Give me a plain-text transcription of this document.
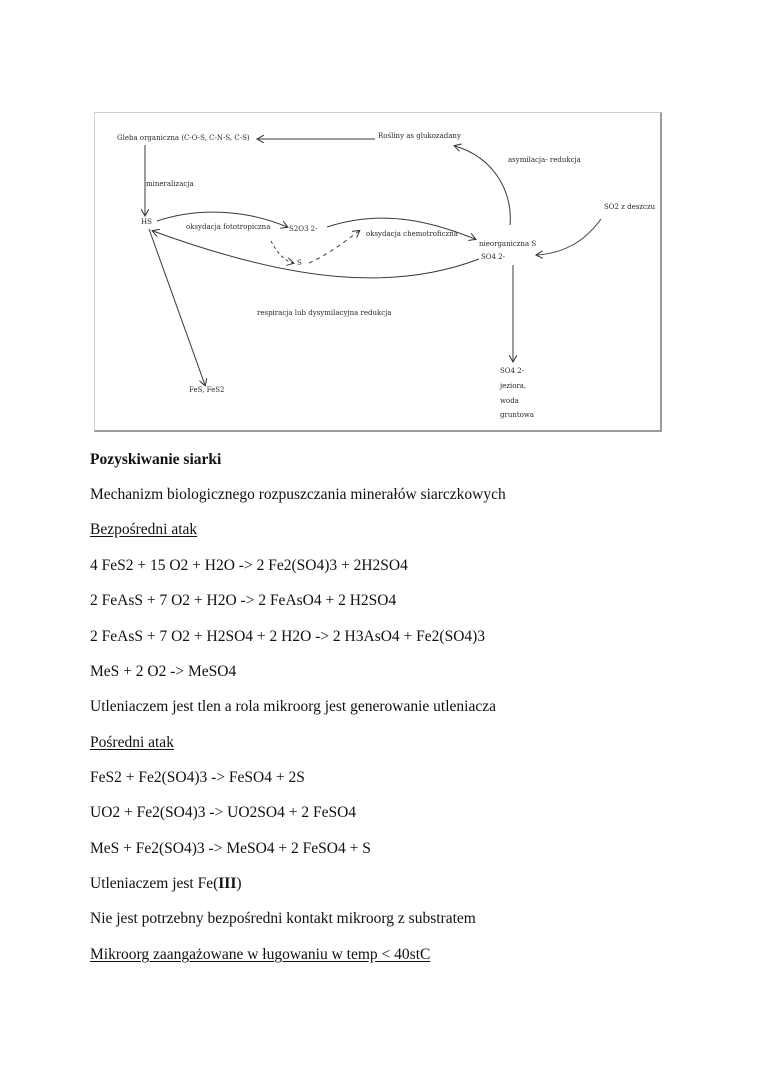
Gleba organiczna (C-O-S, C-N-S, C-S)	Rośliny as glukozadany
asymilacja- redukcja
mineralizacja
HS
oksydacja fototropiczna	S2O3 2-
oksydacja chemotroficzna
S
nieorganiczna S
SO4 2-
SO2 z deszczu
respiracja lub dysymilacyjna redukcja
FeS, FeS2
SO4 2-
jeziora,
woda
gruntowa
Pozyskiwanie siarki
Mechanizm biologicznego rozpuszczania minerałów siarczkowych
Bezpośredni atak
4 FeS2 + 15 O2 + H2O -> 2 Fe2(SO4)3 + 2H2SO4
2 FeAsS + 7 O2 + H2O -> 2 FeAsO4 + 2 H2SO4
2 FeAsS + 7 O2 + H2SO4 + 2 H2O -> 2 H3AsO4 + Fe2(SO4)3
MeS + 2 O2 -> MeSO4
Utleniaczem jest tlen a rola mikroorg jest generowanie utleniacza
Pośredni atak
FeS2 + Fe2(SO4)3 -> FeSO4 + 2S
UO2 + Fe2(SO4)3 -> UO2SO4 + 2 FeSO4
MeS + Fe2(SO4)3 -> MeSO4 + 2 FeSO4 + S
Utleniaczem jest Fe(III)
Nie jest potrzebny bezpośredni kontakt mikroorg z substratem
Mikroorg zaangażowane w ługowaniu w temp < 40stC
